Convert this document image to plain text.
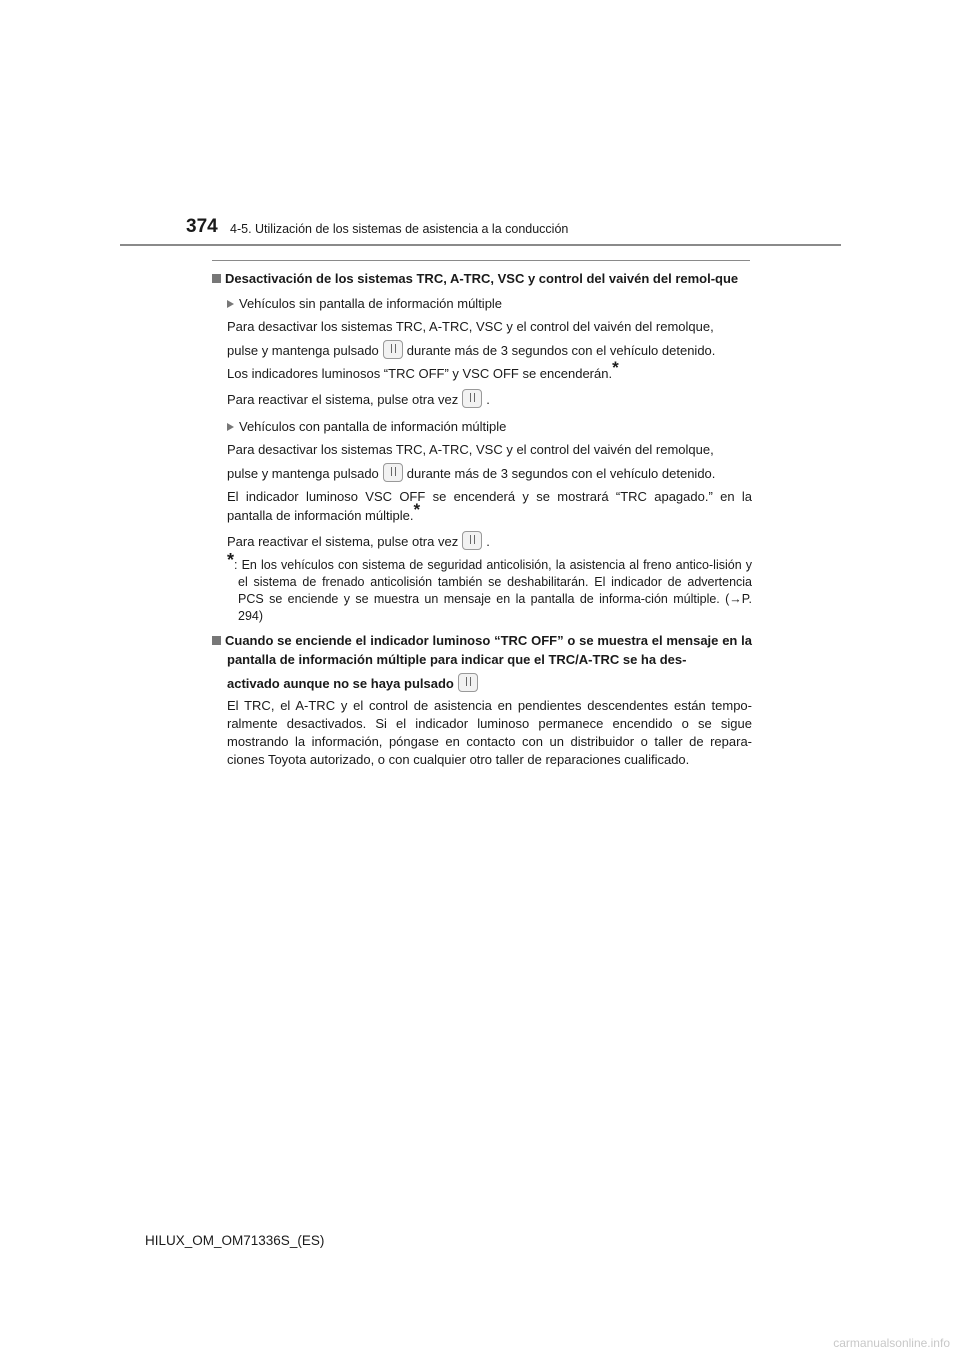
374 4-5. Utilización de los sistemas de asistencia a la conducción
Desactivación de los sistemas TRC, A-TRC, VSC y control del vaivén del remol-que

Vehículos sin pantalla de información múltiple

Para desactivar los sistemas TRC, A-TRC, VSC y el control del vaivén del remolque,

pulse y mantenga pulsado durante más de 3 segundos con el vehículo detenido.

Los indicadores luminosos “TRC OFF” y VSC OFF se encenderán.*

Para reactivar el sistema, pulse otra vez .

Vehículos con pantalla de información múltiple

Para desactivar los sistemas TRC, A-TRC, VSC y el control del vaivén del remolque,

pulse y mantenga pulsado durante más de 3 segundos con el vehículo detenido.

El indicador luminoso VSC OFF se encenderá y se mostrará “TRC apagado.” en la pantalla de información múltiple.*

Para reactivar el sistema, pulse otra vez .

*: En los vehículos con sistema de seguridad anticolisión, la asistencia al freno antico-lisión y el sistema de frenado anticolisión también se deshabilitarán. El indicador de advertencia PCS se enciende y se muestra un mensaje en la pantalla de informa-ción múltiple. (→P. 294)

Cuando se enciende el indicador luminoso “TRC OFF” o se muestra el mensaje en la pantalla de información múltiple para indicar que el TRC/A-TRC se ha des-
activado aunque no se haya pulsado

El TRC, el A-TRC y el control de asistencia en pendientes descendentes están tempo-ralmente desactivados. Si el indicador luminoso permanece encendido o se sigue mostrando la información, póngase en contacto con un distribuidor o taller de repara-ciones Toyota autorizado, o con cualquier otro taller de reparaciones cualificado.

HILUX_OM_OM71336S_(ES)
carmanualsonline.info
